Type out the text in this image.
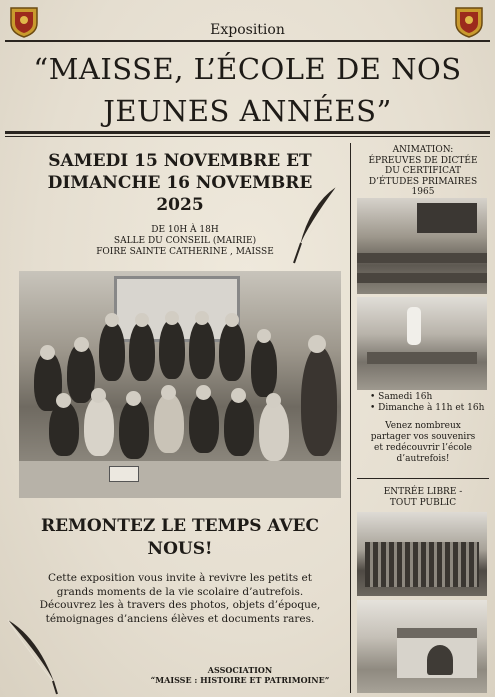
Exposition
“MAISSE, L’ÉCOLE DE NOS
JEUNES ANNÉES”
SAMEDI 15 NOVEMBRE ET
DIMANCHE 16 NOVEMBRE
2025
DE 10H À 18H
SALLE DU CONSEIL (MAIRIE)
FOIRE SAINTE CATHERINE , MAISSE
REMONTEZ LE TEMPS AVEC
NOUS!
Cette exposition vous invite à revivre les petits et
grands moments de la vie scolaire d’autrefois.
Découvrez les à travers des photos, objets d’époque,
témoignages d’anciens élèves et documents rares.
ASSOCIATION
“MAISSE : HISTOIRE ET PATRIMOINE”
ANIMATION:
ÉPREUVES DE DICTÉE
DU CERTIFICAT
D’ÉTUDES PRIMAIRES
1965
• Samedi 16h
• Dimanche à 11h et 16h
Venez nombreux
partager vos souvenirs
et redécouvrir l’école
d’autrefois!
ENTRÉE LIBRE -
TOUT PUBLIC
